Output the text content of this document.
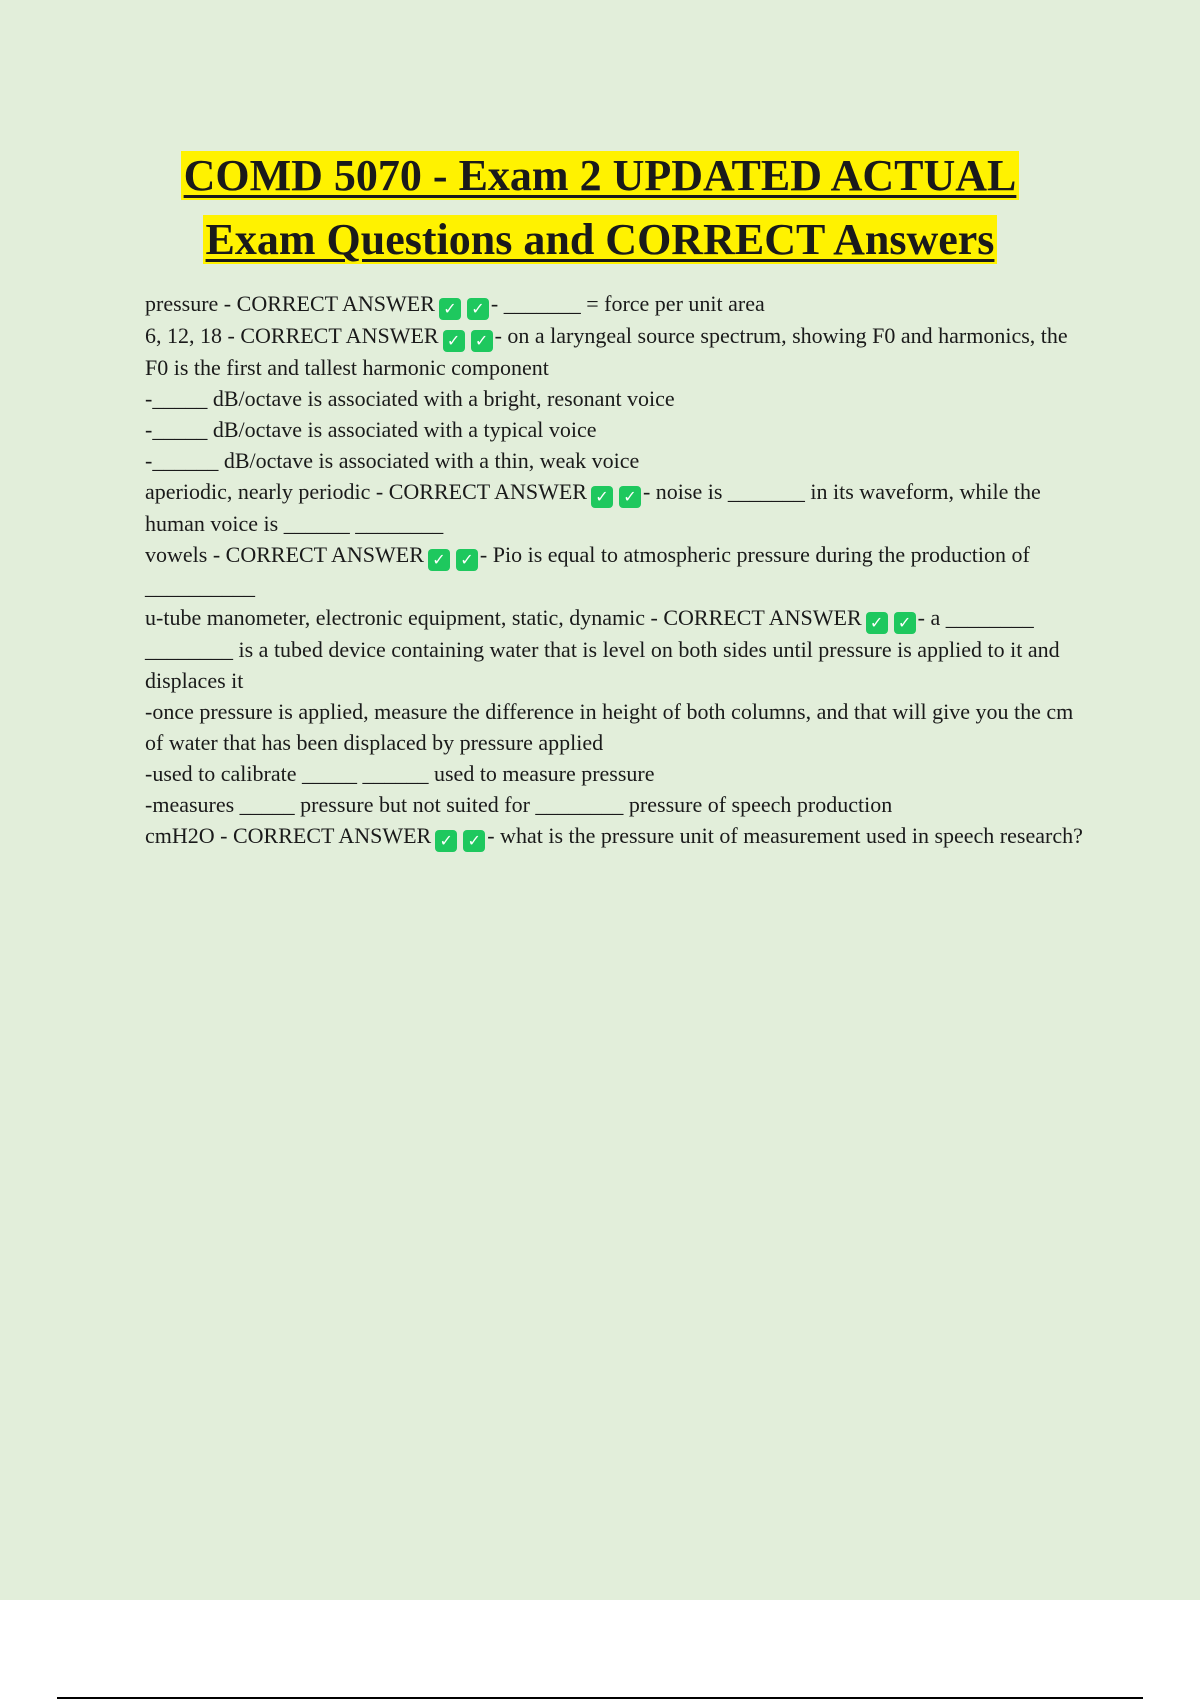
COMD 5070 - Exam 2 UPDATED ACTUAL
Exam Questions and CORRECT Answers

pressure - CORRECT ANSWER ✓ ✓ - _______ = force per unit area

6, 12, 18 - CORRECT ANSWER ✓ ✓ - on a laryngeal source spectrum, showing F0 and harmonics, the F0 is the first and tallest harmonic component

-_____ dB/octave is associated with a bright, resonant voice

-_____ dB/octave is associated with a typical voice

-______ dB/octave is associated with a thin, weak voice

aperiodic, nearly periodic - CORRECT ANSWER ✓ ✓ - noise is _______ in its waveform, while the human voice is ______ ________

vowels - CORRECT ANSWER ✓ ✓ - Pio is equal to atmospheric pressure during the production of __________

u-tube manometer, electronic equipment, static, dynamic - CORRECT ANSWER ✓ ✓ - a ________ ________ is a tubed device containing water that is level on both sides until pressure is applied to it and displaces it

-once pressure is applied, measure the difference in height of both columns, and that will give you the cm of water that has been displaced by pressure applied

-used to calibrate _____ ______ used to measure pressure

-measures _____ pressure but not suited for ________ pressure of speech production

cmH2O - CORRECT ANSWER ✓ ✓ - what is the pressure unit of measurement used in speech research?
